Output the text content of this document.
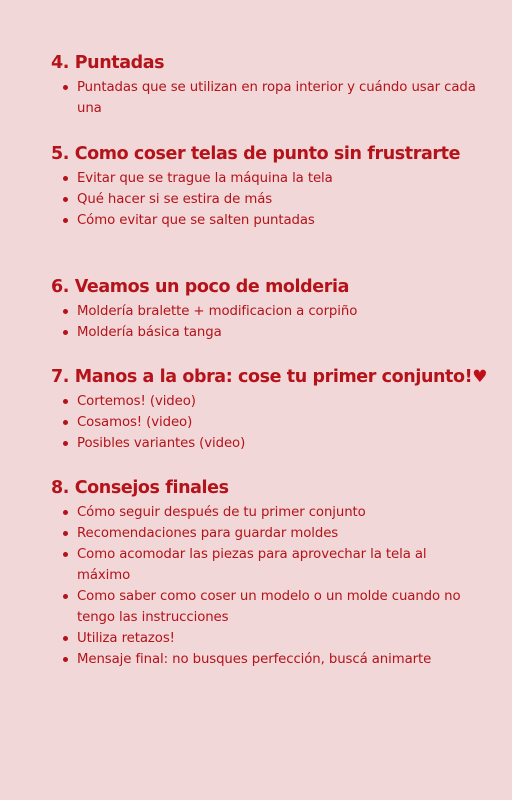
4. Puntadas
Puntadas que se utilizan en ropa interior y cuándo usar cada una
5. Como coser telas de punto sin frustrarte
Evitar que se trague la máquina la tela
Qué hacer si se estira de más
Cómo evitar que se salten puntadas
6. Veamos un poco de molderia
Moldería bralette + modificacion a corpiño
Moldería básica tanga
7. Manos a la obra: cose tu primer conjunto!♥
Cortemos! (video)
Cosamos! (video)
Posibles variantes (video)
8. Consejos finales
Cómo seguir después de tu primer conjunto
Recomendaciones para guardar moldes
Como acomodar las piezas para aprovechar la tela al máximo
Como saber como coser un modelo o un molde cuando no tengo las instrucciones
Utiliza retazos!
Mensaje final: no busques perfección, buscá animarte
